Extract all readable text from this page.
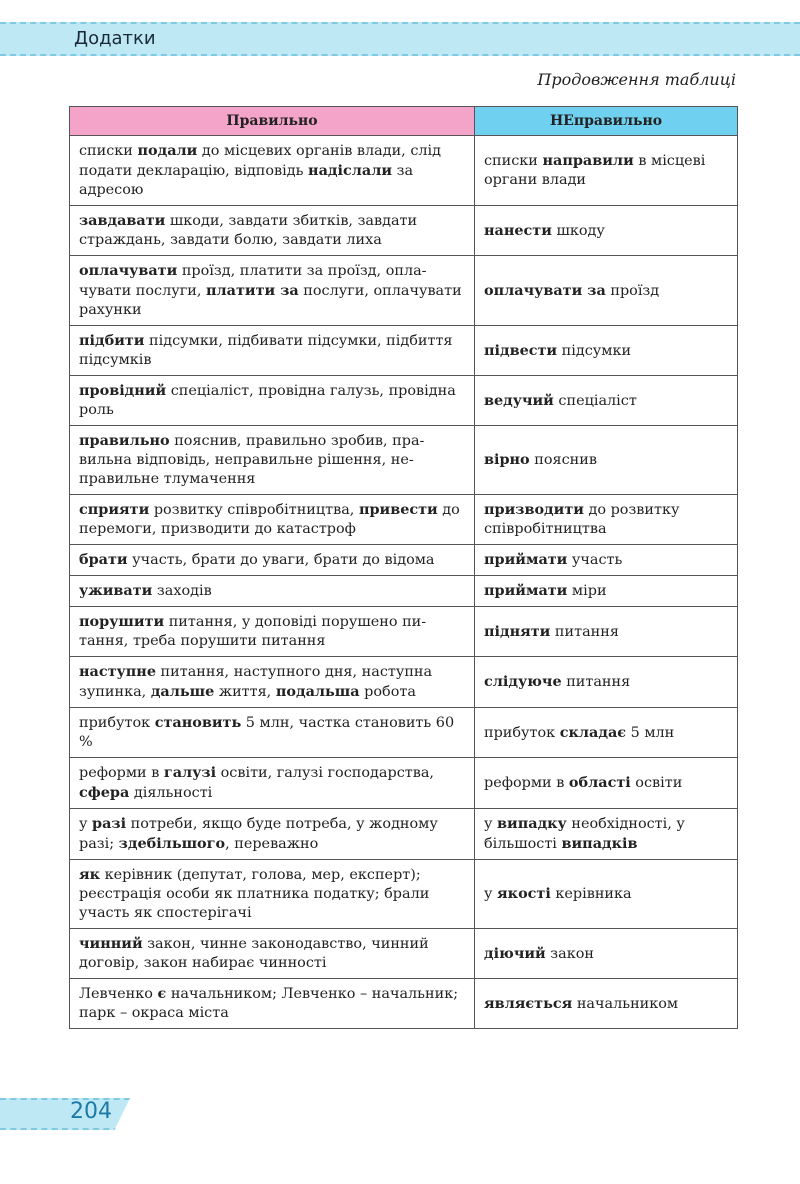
Додатки
Продовження таблиці
Правильно	НЕправильно
списки подали до місцевих органів влади, слід подати декларацію, відповідь надіслали за адресою	списки направили в місцеві органи влади
завдавати шкоди, завдати збитків, завдати страждань, завдати болю, завдати лиха	нанести шкоду
оплачувати проїзд, платити за проїзд, оплачувати послуги, платити за послуги, оплачувати рахунки	оплачувати за проїзд
підбити підсумки, підбивати підсумки, підбиття підсумків	підвести підсумки
провідний спеціаліст, провідна галузь, провідна роль	ведучий спеціаліст
правильно пояснив, правильно зробив, правильна відповідь, неправильне рішення, неправильне тлумачення	вірно пояснив
сприяти розвитку співробітництва, привести до перемоги, призводити до катастроф	призводити до розвитку співробітництва
брати участь, брати до уваги, брати до відома	приймати участь
уживати заходів	приймати міри
порушити питання, у доповіді порушено питання, треба порушити питання	підняти питання
наступне питання, наступного дня, наступна зупинка, дальше життя, подальша робота	слідуюче питання
прибуток становить 5 млн, частка становить 60 %	прибуток складає 5 млн
реформи в галузі освіти, галузі господарства, сфера діяльності	реформи в області освіти
у разі потреби, якщо буде потреба, у жодному разі; здебільшого, переважно	у випадку необхідності, у більшості випадків
як керівник (депутат, голова, мер, експерт); реєстрація особи як платника податку; брали участь як спостерігачі	у якості керівника
чинний закон, чинне законодавство, чинний договір, закон набирає чинності	діючий закон
Левченко є начальником; Левченко – начальник; парк – окраса міста	являється начальником
204
